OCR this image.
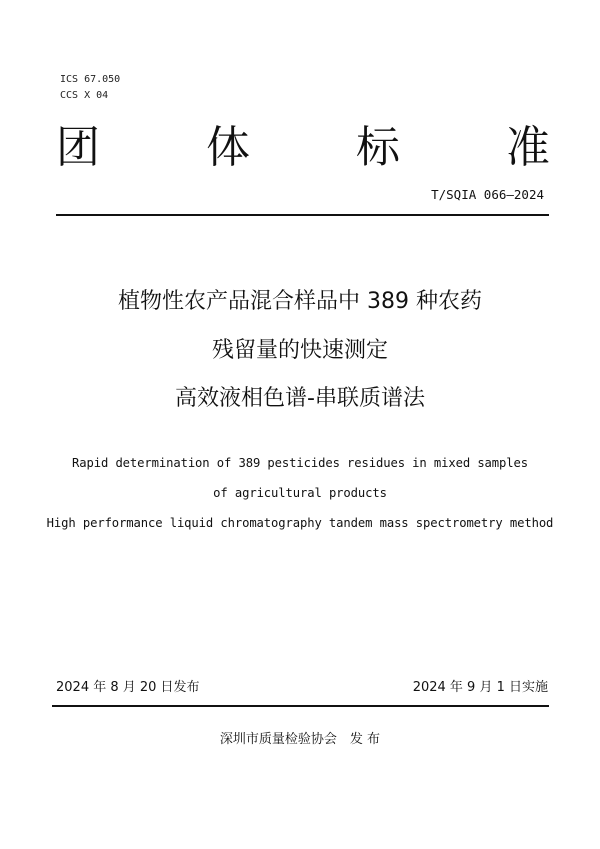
ICS 67.050
CCS X 04
团 体 标 准
T/SQIA 066—2024
植物性农产品混合样品中 389 种农药
残留量的快速测定
高效液相色谱-串联质谱法
Rapid determination of 389 pesticides residues in mixed samples
of agricultural products
High performance liquid chromatography tandem mass spectrometry method
2024 年 8 月 20 日发布	2024 年 9 月 1 日实施
深圳市质量检验协会　发 布
